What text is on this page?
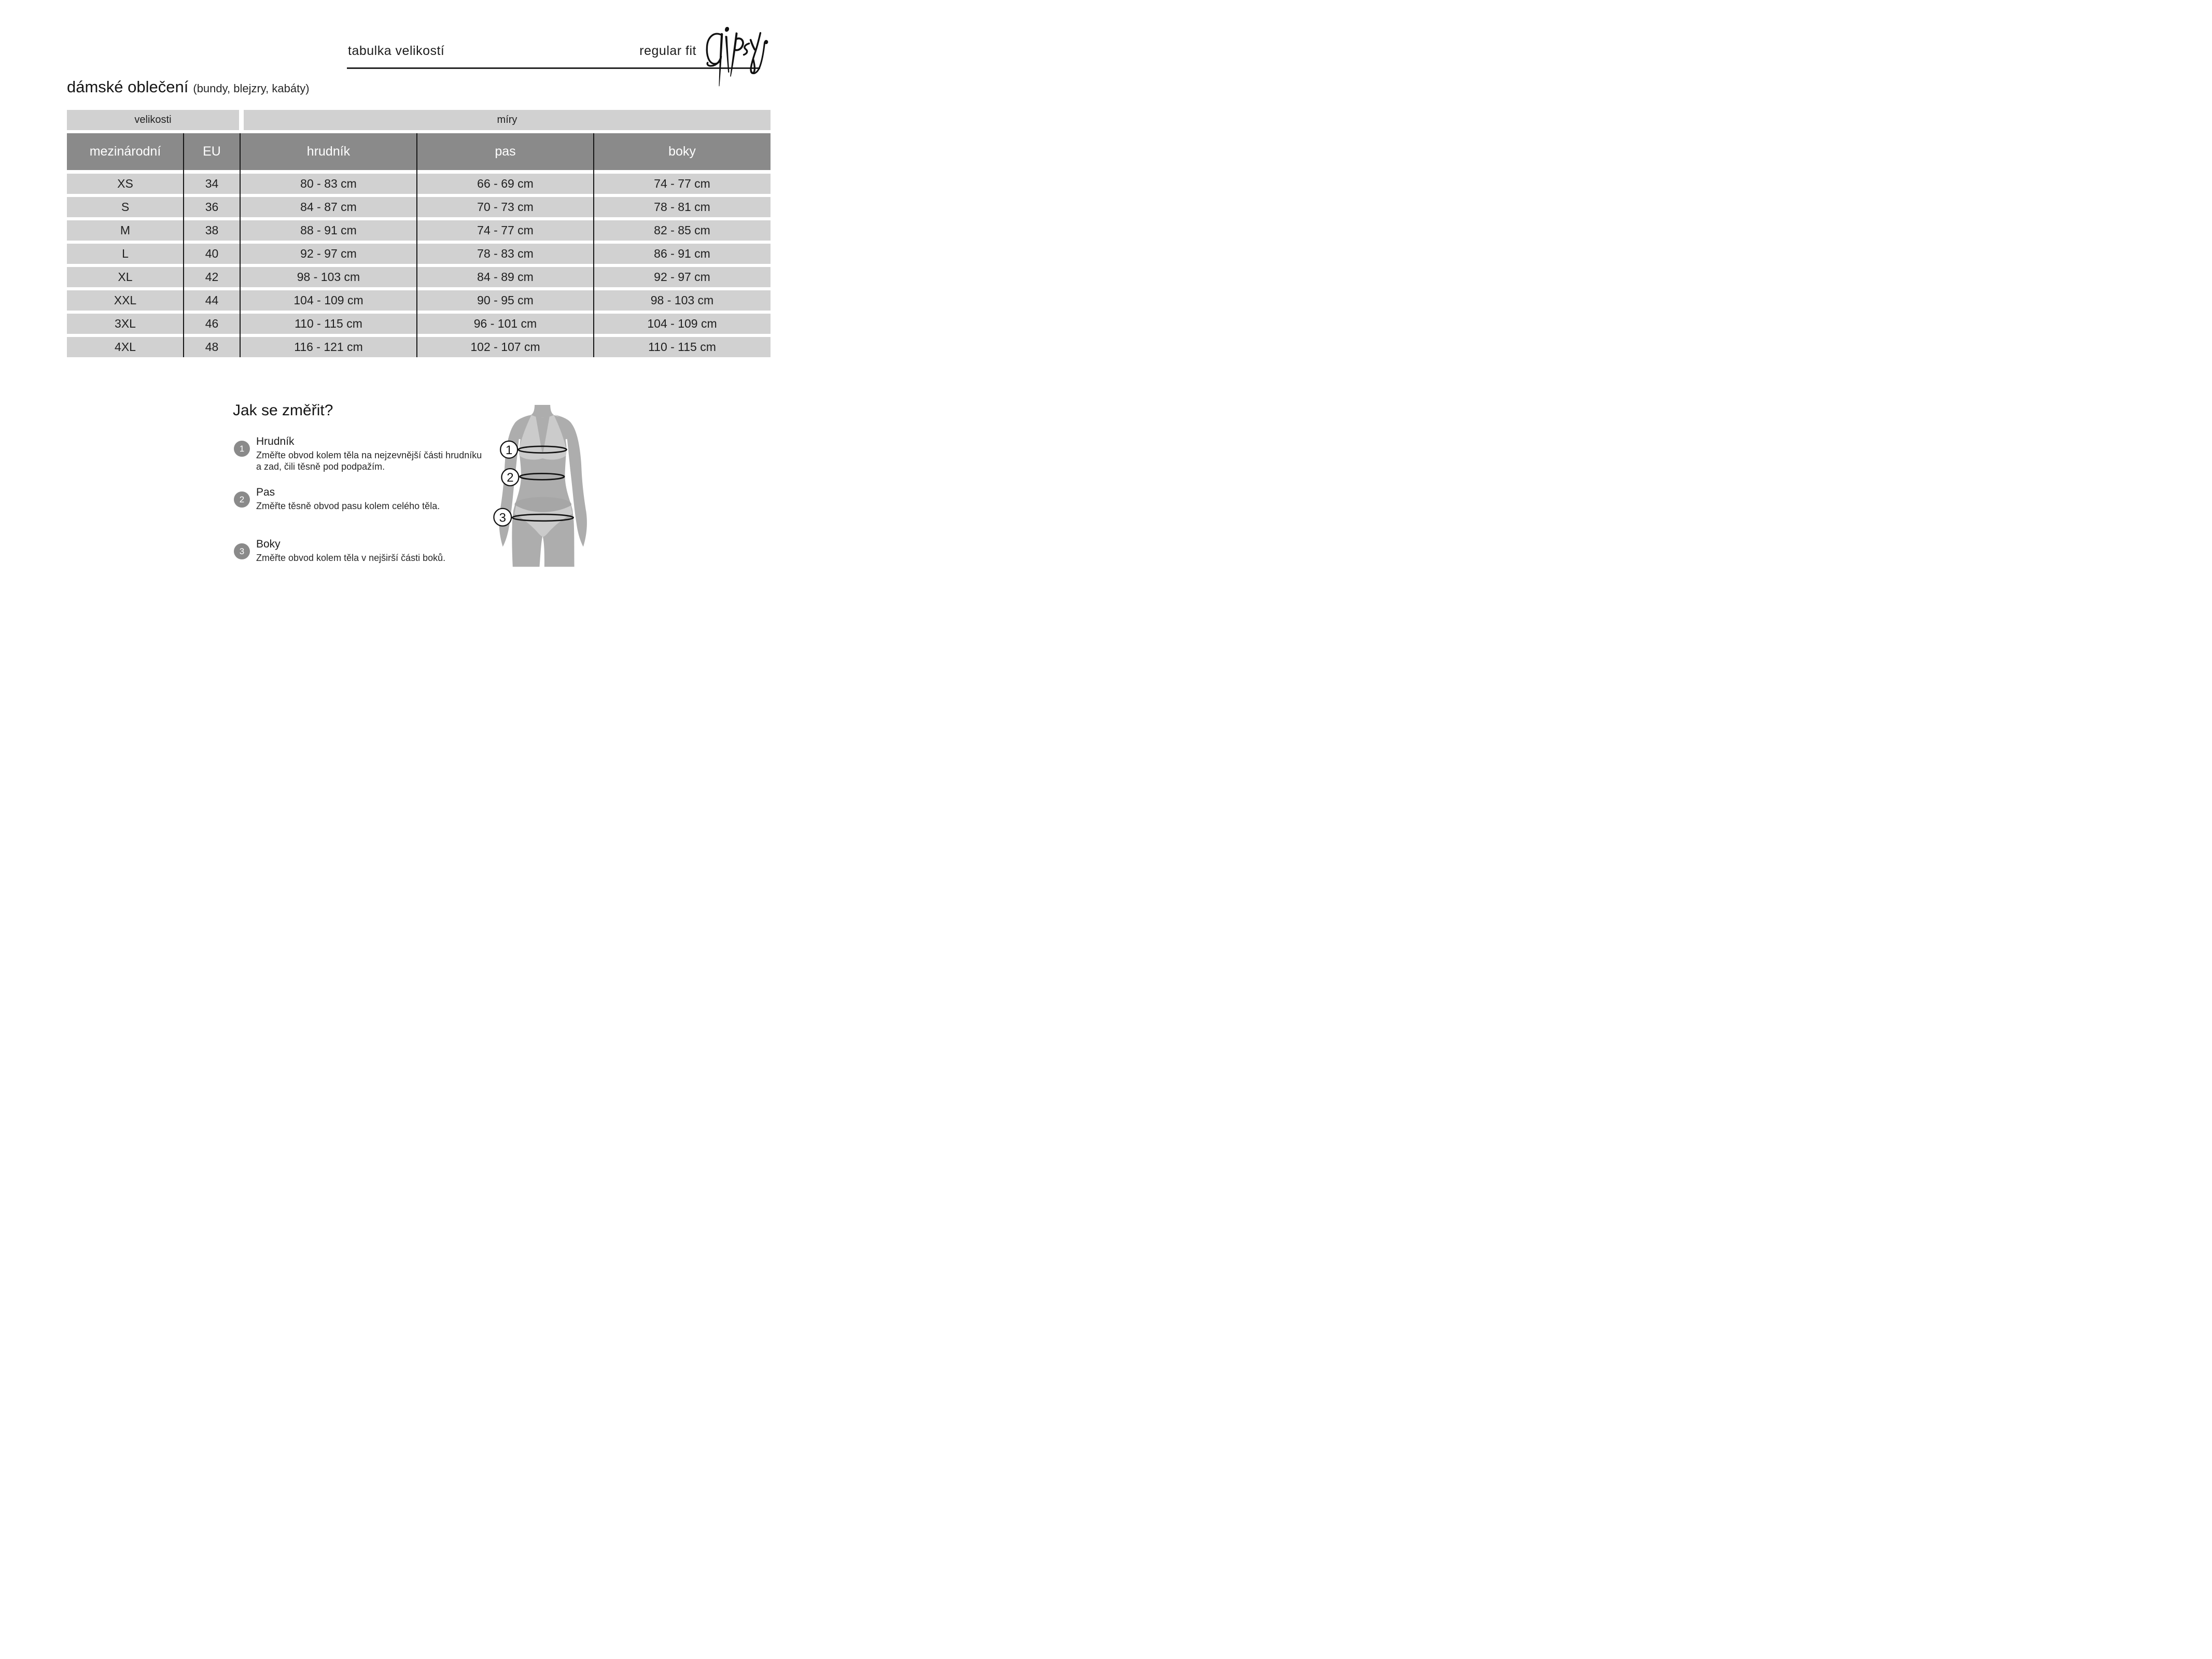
tabulka velikostí	regular fit
dámské oblečení (bundy, blejzry, kabáty)
velikosti	míry
mezinárodní	EU	hrudník	pas	boky
XS	34	80 - 83 cm	66 - 69 cm	74 - 77 cm
S	36	84 - 87 cm	70 - 73 cm	78 - 81 cm
M	38	88 - 91 cm	74 - 77 cm	82 - 85 cm
L	40	92 - 97 cm	78 - 83 cm	86 - 91 cm
XL	42	98 - 103 cm	84 - 89 cm	92 - 97 cm
XXL	44	104 - 109 cm	90 - 95 cm	98 - 103 cm
3XL	46	110 - 115 cm	96 - 101 cm	104 - 109 cm
4XL	48	116 - 121 cm	102 - 107 cm	110 - 115 cm
Jak se změřit?
1
Hrudník
Změřte obvod kolem těla na nejzevnější části hrudníku a zad, čili těsně pod podpažím.
2
Pas
Změřte těsně obvod pasu kolem celého těla.
3
Boky
Změřte obvod kolem těla v nejširší části boků.
1
2
3
